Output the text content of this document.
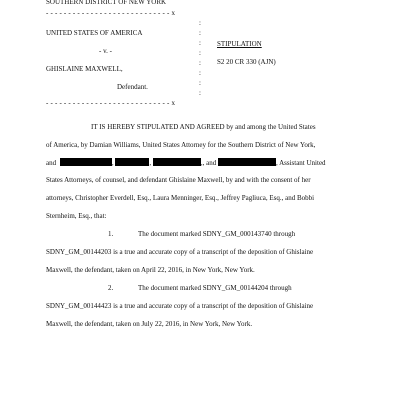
SOUTHERN DISTRICT OF NEW YORK
- - - - - - - - - - - - - - - - - - - - - - - - - - - - x
:
:
:
:
:
:
:
:
UNITED STATES OF AMERICA
- v. -
GHISLAINE MAXWELL,
Defendant.
STIPULATION
S2 20 CR 330 (AJN)
- - - - - - - - - - - - - - - - - - - - - - - - - - - - x
IT IS HEREBY STIPULATED AND AGREED by and among the United States
of America, by Damian Williams, United States Attorney for the Southern District of New York,
and	,	,	,, and	, Assistant United
States Attorneys, of counsel, and defendant Ghislaine Maxwell, by and with the consent of her
attorneys, Christopher Everdell, Esq., Laura Menninger, Esq., Jeffrey Pagliuca, Esq., and Bobbi
Sternheim, Esq., that:
1.	The document marked SDNY_GM_000143740 through
SDNY_GM_00144203 is a true and accurate copy of a transcript of the deposition of Ghislaine
Maxwell, the defendant, taken on April 22, 2016, in New York, New York.
2.	The document marked SDNY_GM_00144204 through
SDNY_GM_00144423 is a true and accurate copy of a transcript of the deposition of Ghislaine
Maxwell, the defendant, taken on July 22, 2016, in New York, New York.
